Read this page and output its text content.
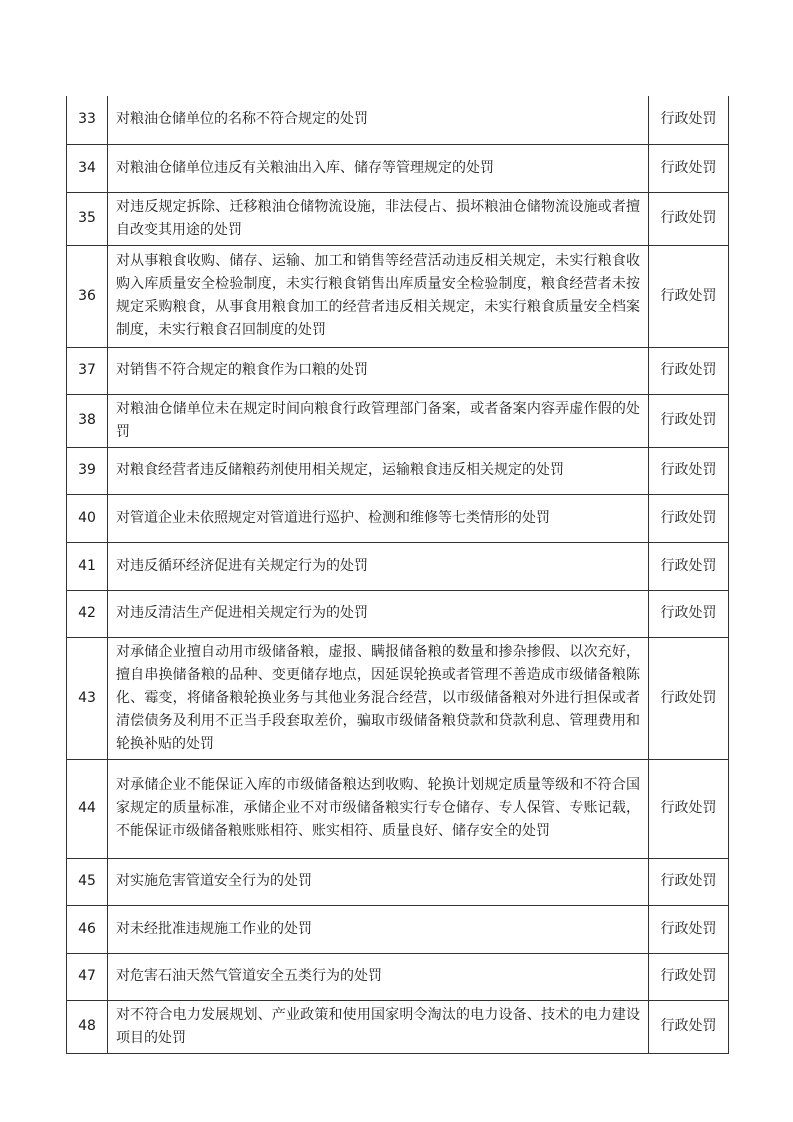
33	对粮油仓储单位的名称不符合规定的处罚	行政处罚
34	对粮油仓储单位违反有关粮油出入库、储存等管理规定的处罚	行政处罚
35	对违反规定拆除、迁移粮油仓储物流设施，非法侵占、损坏粮油仓储物流设施或者擅自改变其用途的处罚	行政处罚
36	对从事粮食收购、储存、运输、加工和销售等经营活动违反相关规定，未实行粮食收购入库质量安全检验制度，未实行粮食销售出库质量安全检验制度，粮食经营者未按规定采购粮食，从事食用粮食加工的经营者违反相关规定，未实行粮食质量安全档案制度，未实行粮食召回制度的处罚	行政处罚
37	对销售不符合规定的粮食作为口粮的处罚	行政处罚
38	对粮油仓储单位未在规定时间向粮食行政管理部门备案，或者备案内容弄虚作假的处罚	行政处罚
39	对粮食经营者违反储粮药剂使用相关规定，运输粮食违反相关规定的处罚	行政处罚
40	对管道企业未依照规定对管道进行巡护、检测和维修等七类情形的处罚	行政处罚
41	对违反循环经济促进有关规定行为的处罚	行政处罚
42	对违反清洁生产促进相关规定行为的处罚	行政处罚
43	对承储企业擅自动用市级储备粮，虚报、瞒报储备粮的数量和掺杂掺假、以次充好，擅自串换储备粮的品种、变更储存地点，因延误轮换或者管理不善造成市级储备粮陈化、霉变，将储备粮轮换业务与其他业务混合经营，以市级储备粮对外进行担保或者清偿债务及利用不正当手段套取差价，骗取市级储备粮贷款和贷款利息、管理费用和轮换补贴的处罚	行政处罚
44	对承储企业不能保证入库的市级储备粮达到收购、轮换计划规定质量等级和不符合国家规定的质量标准，承储企业不对市级储备粮实行专仓储存、专人保管、专账记载，不能保证市级储备粮账账相符、账实相符、质量良好、储存安全的处罚	行政处罚
45	对实施危害管道安全行为的处罚	行政处罚
46	对未经批准违规施工作业的处罚	行政处罚
47	对危害石油天然气管道安全五类行为的处罚	行政处罚
48	对不符合电力发展规划、产业政策和使用国家明令淘汰的电力设备、技术的电力建设项目的处罚	行政处罚
